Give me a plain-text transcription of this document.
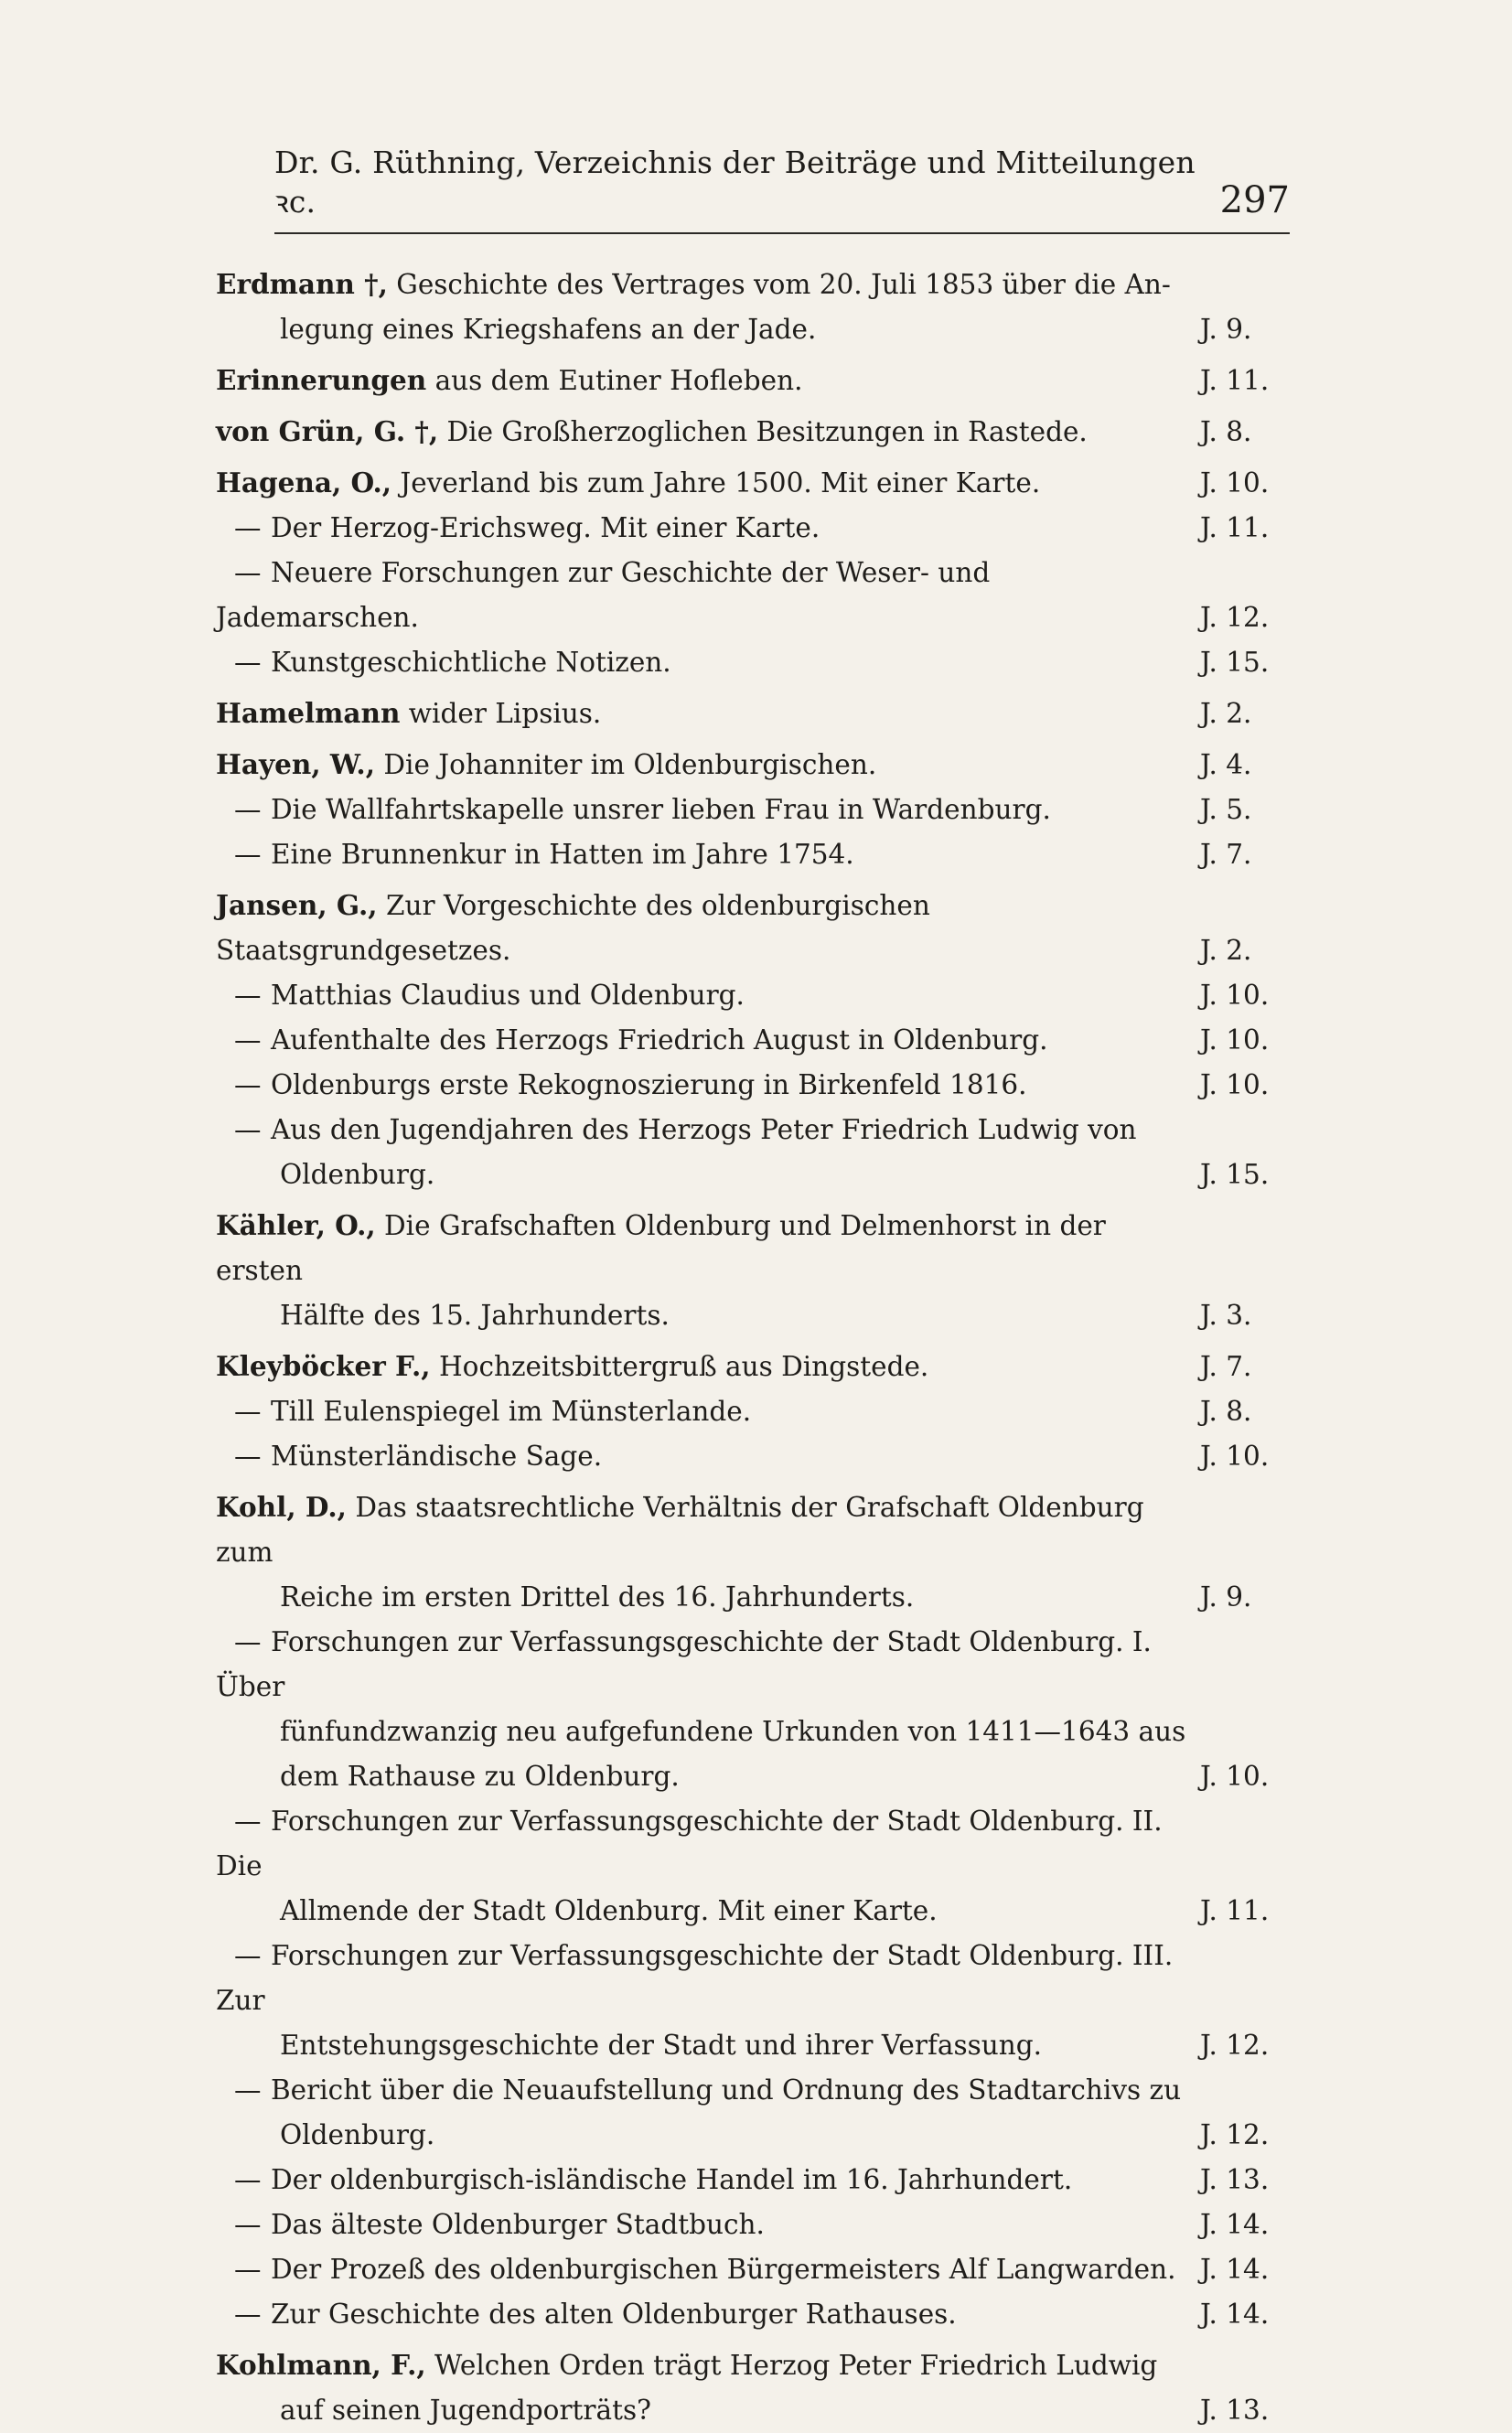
Dr. G. Rüthning, Verzeichnis der Beiträge und Mitteilungen ꝛc.	297
Erdmann †, Geschichte des Vertrages vom 20. Juli 1853 über die An-
legung eines Kriegshafens an der Jade.	J. 9.
Erinnerungen aus dem Eutiner Hofleben.	J. 11.
von Grün, G. †, Die Großherzoglichen Besitzungen in Rastede.	J. 8.
Hagena, O., Jeverland bis zum Jahre 1500. Mit einer Karte.	J. 10.
— Der Herzog-Erichsweg. Mit einer Karte.	J. 11.
— Neuere Forschungen zur Geschichte der Weser- und Jademarschen.	J. 12.
— Kunstgeschichtliche Notizen.	J. 15.
Hamelmann wider Lipsius.	J. 2.
Hayen, W., Die Johanniter im Oldenburgischen.	J. 4.
— Die Wallfahrtskapelle unsrer lieben Frau in Wardenburg.	J. 5.
— Eine Brunnenkur in Hatten im Jahre 1754.	J. 7.
Jansen, G., Zur Vorgeschichte des oldenburgischen Staatsgrundgesetzes.	J. 2.
— Matthias Claudius und Oldenburg.	J. 10.
— Aufenthalte des Herzogs Friedrich August in Oldenburg.	J. 10.
— Oldenburgs erste Rekognoszierung in Birkenfeld 1816.	J. 10.
— Aus den Jugendjahren des Herzogs Peter Friedrich Ludwig von
Oldenburg.	J. 15.
Kähler, O., Die Grafschaften Oldenburg und Delmenhorst in der ersten
Hälfte des 15. Jahrhunderts.	J. 3.
Kleyböcker F., Hochzeitsbittergruß aus Dingstede.	J. 7.
— Till Eulenspiegel im Münsterlande.	J. 8.
— Münsterländische Sage.	J. 10.
Kohl, D., Das staatsrechtliche Verhältnis der Grafschaft Oldenburg zum
Reiche im ersten Drittel des 16. Jahrhunderts.	J. 9.
— Forschungen zur Verfassungsgeschichte der Stadt Oldenburg. I. Über
fünfundzwanzig neu aufgefundene Urkunden von 1411—1643 aus
dem Rathause zu Oldenburg.	J. 10.
— Forschungen zur Verfassungsgeschichte der Stadt Oldenburg. II. Die
Allmende der Stadt Oldenburg. Mit einer Karte.	J. 11.
— Forschungen zur Verfassungsgeschichte der Stadt Oldenburg. III. Zur
Entstehungsgeschichte der Stadt und ihrer Verfassung.	J. 12.
— Bericht über die Neuaufstellung und Ordnung des Stadtarchivs zu
Oldenburg.	J. 12.
— Der oldenburgisch-isländische Handel im 16. Jahrhundert.	J. 13.
— Das älteste Oldenburger Stadtbuch.	J. 14.
— Der Prozeß des oldenburgischen Bürgermeisters Alf Langwarden. J. 14.
— Zur Geschichte des alten Oldenburger Rathauses.	J. 14.
Kohlmann, F., Welchen Orden trägt Herzog Peter Friedrich Ludwig
auf seinen Jugendporträts?	J. 13.
